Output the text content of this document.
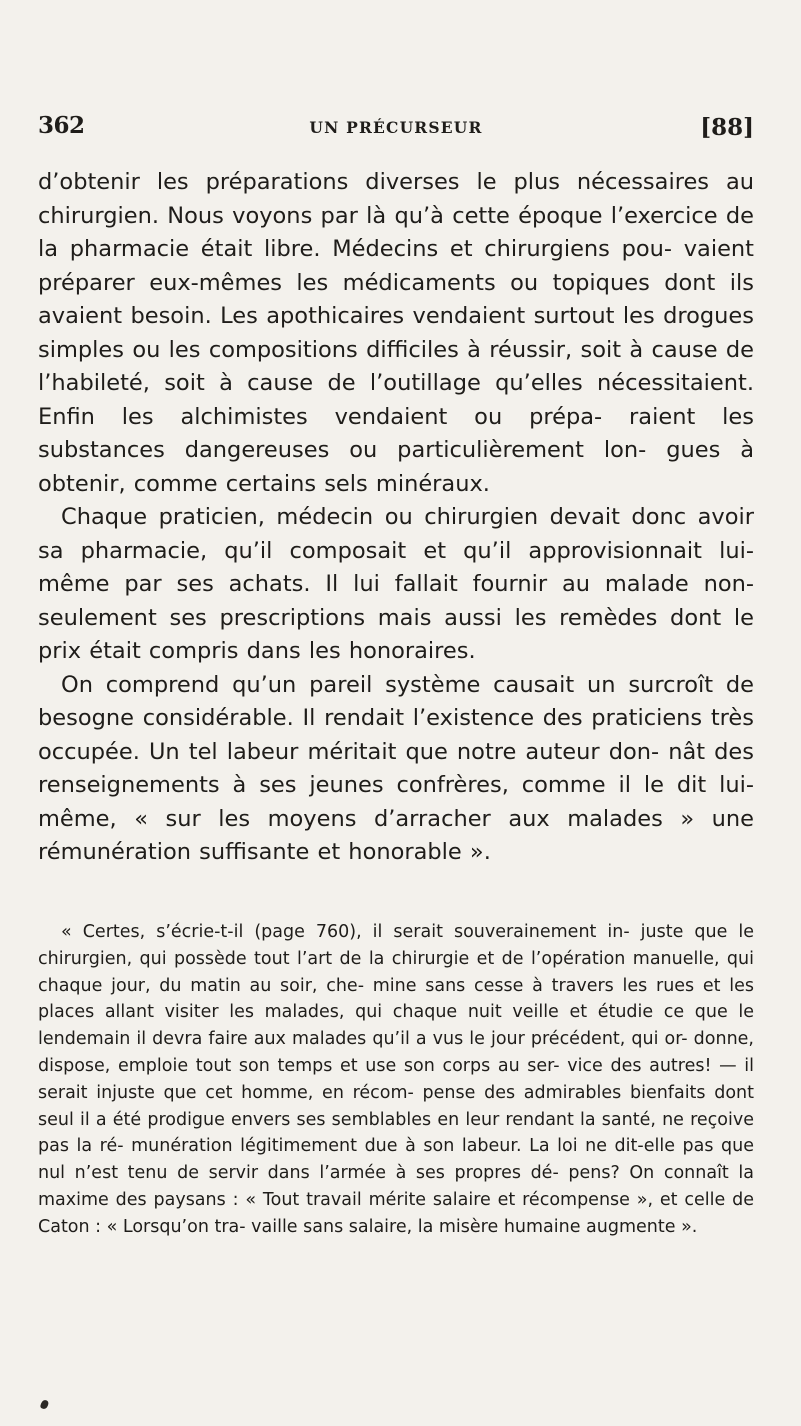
362	UN PRÉCURSEUR	[88]

d’obtenir les préparations diverses le plus nécessaires au chirurgien. Nous voyons par là qu’à cette époque l’exercice de la pharmacie était libre. Médecins et chirurgiens pou- vaient préparer eux-mêmes les médicaments ou topiques dont ils avaient besoin. Les apothicaires vendaient surtout les drogues simples ou les compositions difficiles à réussir, soit à cause de l’habileté, soit à cause de l’outillage qu’elles nécessitaient. Enfin les alchimistes vendaient ou prépa- raient les substances dangereuses ou particulièrement lon- gues à obtenir, comme certains sels minéraux.

Chaque praticien, médecin ou chirurgien devait donc avoir sa pharmacie, qu’il composait et qu’il approvisionnait lui-même par ses achats. Il lui fallait fournir au malade non-seulement ses prescriptions mais aussi les remèdes dont le prix était compris dans les honoraires.

On comprend qu’un pareil système causait un surcroît de besogne considérable. Il rendait l’existence des praticiens très occupée. Un tel labeur méritait que notre auteur don- nât des renseignements à ses jeunes confrères, comme il le dit lui-même, « sur les moyens d’arracher aux malades » une rémunération suffisante et honorable ».

« Certes, s’écrie-t-il (page 760), il serait souverainement in- juste que le chirurgien, qui possède tout l’art de la chirurgie et de l’opération manuelle, qui chaque jour, du matin au soir, che- mine sans cesse à travers les rues et les places allant visiter les malades, qui chaque nuit veille et étudie ce que le lendemain il devra faire aux malades qu’il a vus le jour précédent, qui or- donne, dispose, emploie tout son temps et use son corps au ser- vice des autres! — il serait injuste que cet homme, en récom- pense des admirables bienfaits dont seul il a été prodigue envers ses semblables en leur rendant la santé, ne reçoive pas la ré- munération légitimement due à son labeur. La loi ne dit-elle pas que nul n’est tenu de servir dans l’armée à ses propres dé- pens? On connaît la maxime des paysans : « Tout travail mérite salaire et récompense », et celle de Caton : « Lorsqu’on tra- vaille sans salaire, la misère humaine augmente ».
